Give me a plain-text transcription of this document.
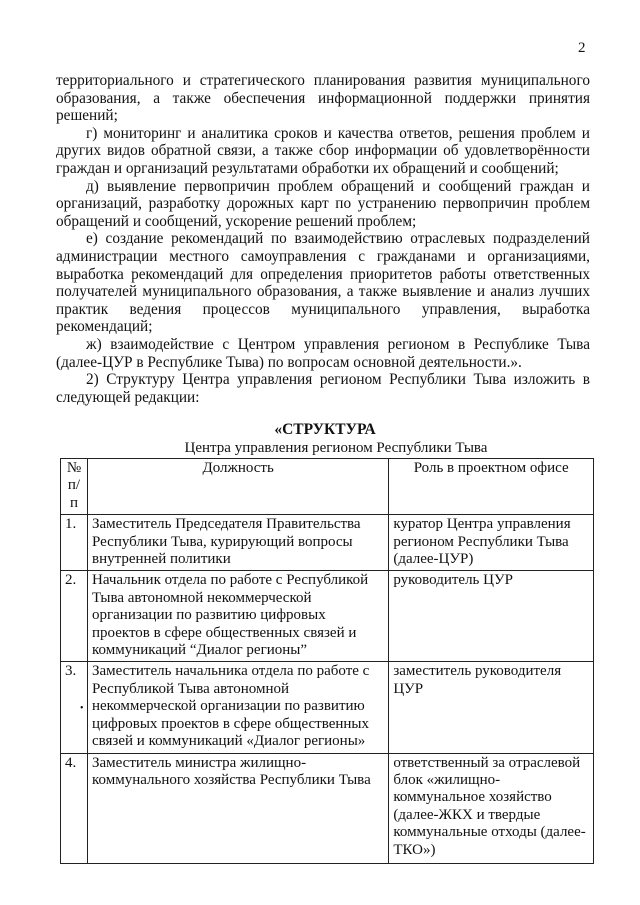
2

территориального и стратегического планирования развития муниципального образования, а также обеспечения информационной поддержки принятия решений;

г) мониторинг и аналитика сроков и качества ответов, решения проблем и других видов обратной связи, а также сбор информации об удовлетворённости граждан и организаций результатами обработки их обращений и сообщений;

д) выявление первопричин проблем обращений и сообщений граждан и организаций, разработку дорожных карт по устранению первопричин проблем обращений и сообщений, ускорение решений проблем;

е) создание рекомендаций по взаимодействию отраслевых подразделений администрации местного самоуправления с гражданами и организациями, выработка рекомендаций для определения приоритетов работы ответственных получателей муниципального образования, а также выявление и анализ лучших практик ведения процессов муниципального управления, выработка рекомендаций;

ж) взаимодействие с Центром управления регионом в Республике Тыва (далее-ЦУР в Республике Тыва) по вопросам основной деятельности.».

2) Структуру Центра управления регионом Республики Тыва изложить в следующей редакции:

«СТРУКТУРА
Центра управления регионом Республики Тыва
№ п/п	Должность	Роль в проектном офисе
1.	Заместитель Председателя Правительства Республики Тыва, курирующий вопросы внутренней политики	куратор Центра управления регионом Республики Тыва (далее-ЦУР)
2.	Начальник отдела по работе с Республикой Тыва автономной некоммерческой организации по развитию цифровых проектов в сфере общественных связей и коммуникаций “Диалог регионы”	руководитель ЦУР
3.	Заместитель начальника отдела по работе с Республикой Тыва автономной некоммерческой организации по развитию цифровых проектов в сфере общественных связей и коммуникаций «Диалог регионы»	заместитель руководителя ЦУР
4.	Заместитель министра жилищно-коммунального хозяйства Республики Тыва	ответственный за отраслевой блок «жилищно-коммунальное хозяйство (далее-ЖКХ и твердые коммунальные отходы (далее-ТКО»)
•
